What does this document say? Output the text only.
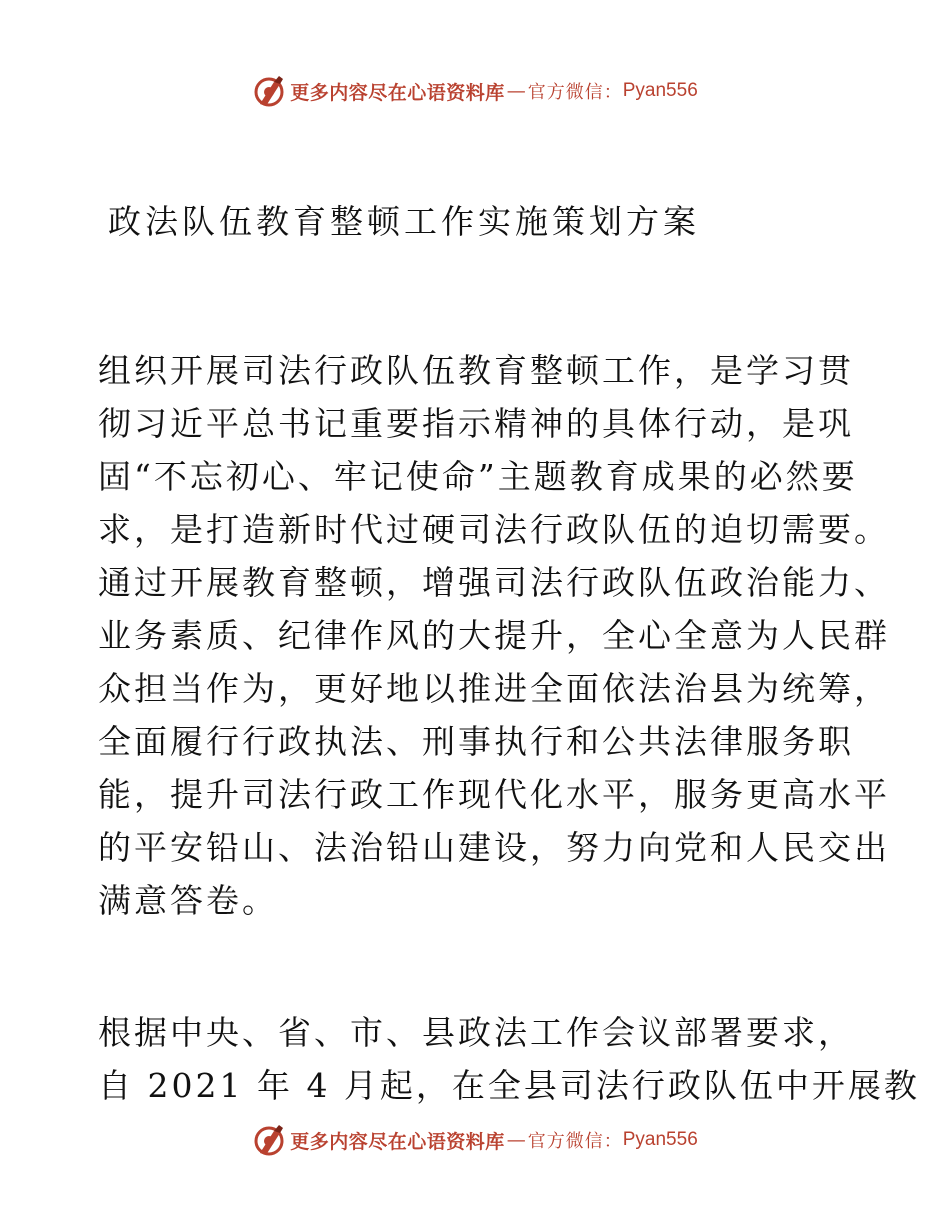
更多内容尽在心语资料库 — 官方微信： Pyan556
政法队伍教育整顿工作实施策划方案
组织开展司法行政队伍教育整顿工作，是学习贯
彻习近平总书记重要指示精神的具体行动，是巩
固“不忘初心、牢记使命”主题教育成果的必然要
求，是打造新时代过硬司法行政队伍的迫切需要。
通过开展教育整顿，增强司法行政队伍政治能力、
业务素质、纪律作风的大提升，全心全意为人民群
众担当作为，更好地以推进全面依法治县为统筹，
全面履行行政执法、刑事执行和公共法律服务职
能，提升司法行政工作现代化水平，服务更高水平
的平安铅山、法治铅山建设，努力向党和人民交出
满意答卷。
根据中央、省、市、县政法工作会议部署要求，
自 2021 年 4 月起，在全县司法行政队伍中开展教
更多内容尽在心语资料库 — 官方微信： Pyan556
